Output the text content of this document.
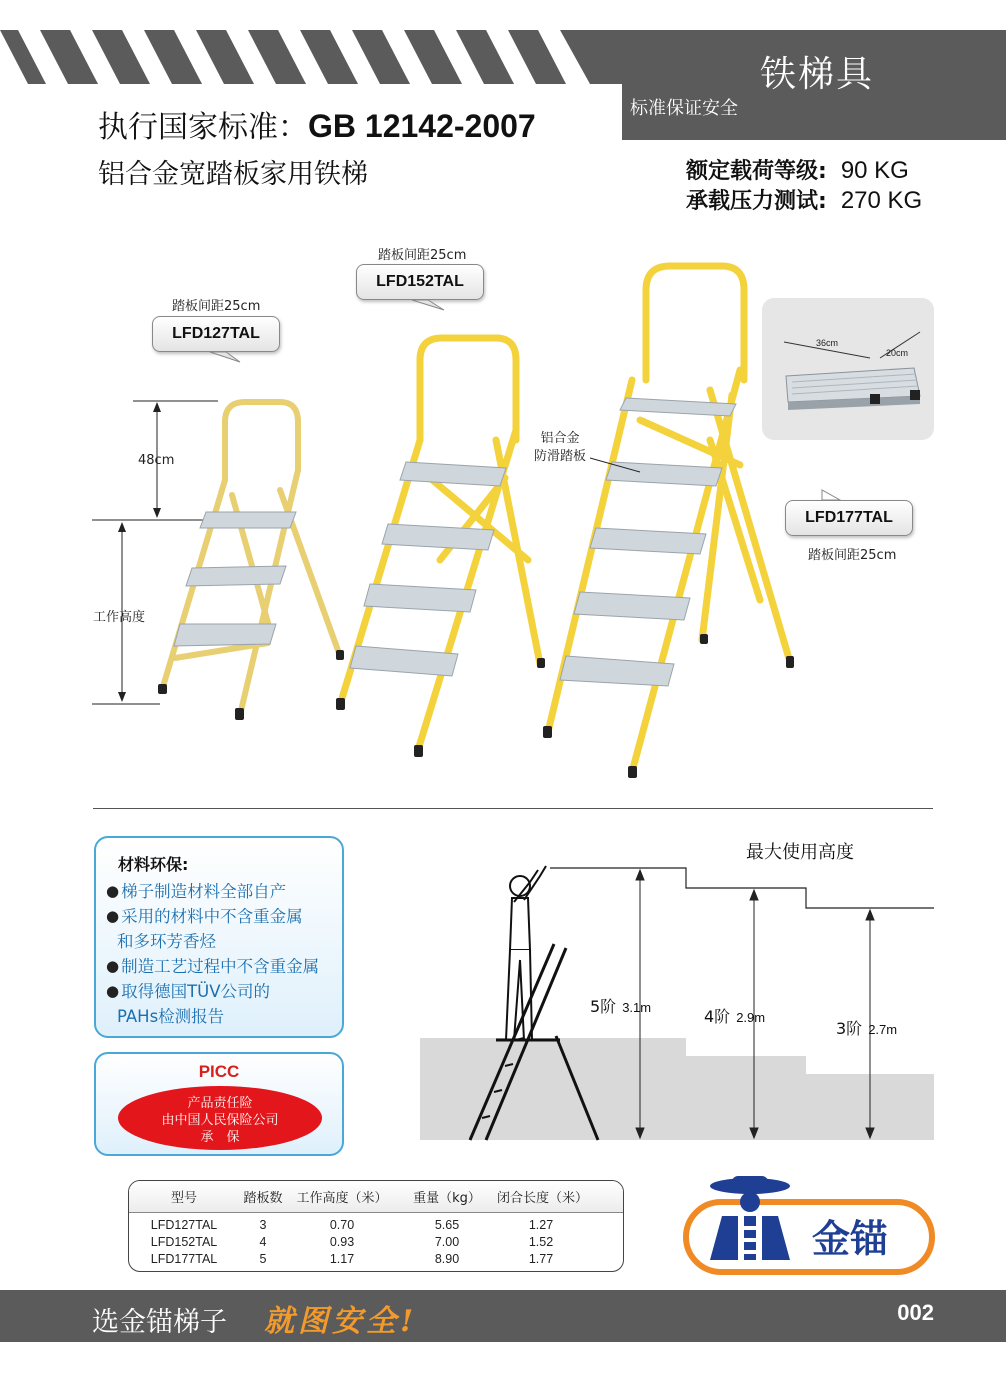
铁梯具
标准保证安全
执行国家标准：GB 12142-2007
铝合金宽踏板家用铁梯	额定载荷等级: 90 KG
承载压力测试: 270 KG
踏板间距25cm
LFD127TAL
踏板间距25cm
LFD152TAL
LFD177TAL
踏板间距25cm
48cm
工作高度
铝合金
防滑踏板
36cm
20cm
材料环保:
● 梯子制造材料全部自产
● 采用的材料中不含重金属
和多环芳香烃
● 制造工艺过程中不含重金属
● 取得德国TÜV公司的
PAHs检测报告
PICC
产品责任险
由中国人民保险公司
承　保
最大使用高度
5阶 3.1m	4阶 2.9m
3阶 2.7m
型号	踏板数	工作高度（米）	重量（kg）	闭合长度（米）
LFD127TAL	3	0.70	5.65	1.27
LFD152TAL	4	0.93	7.00	1.52
LFD177TAL	5	1.17	8.90	1.77	金锚
选金锚梯子 就图安全!	002
